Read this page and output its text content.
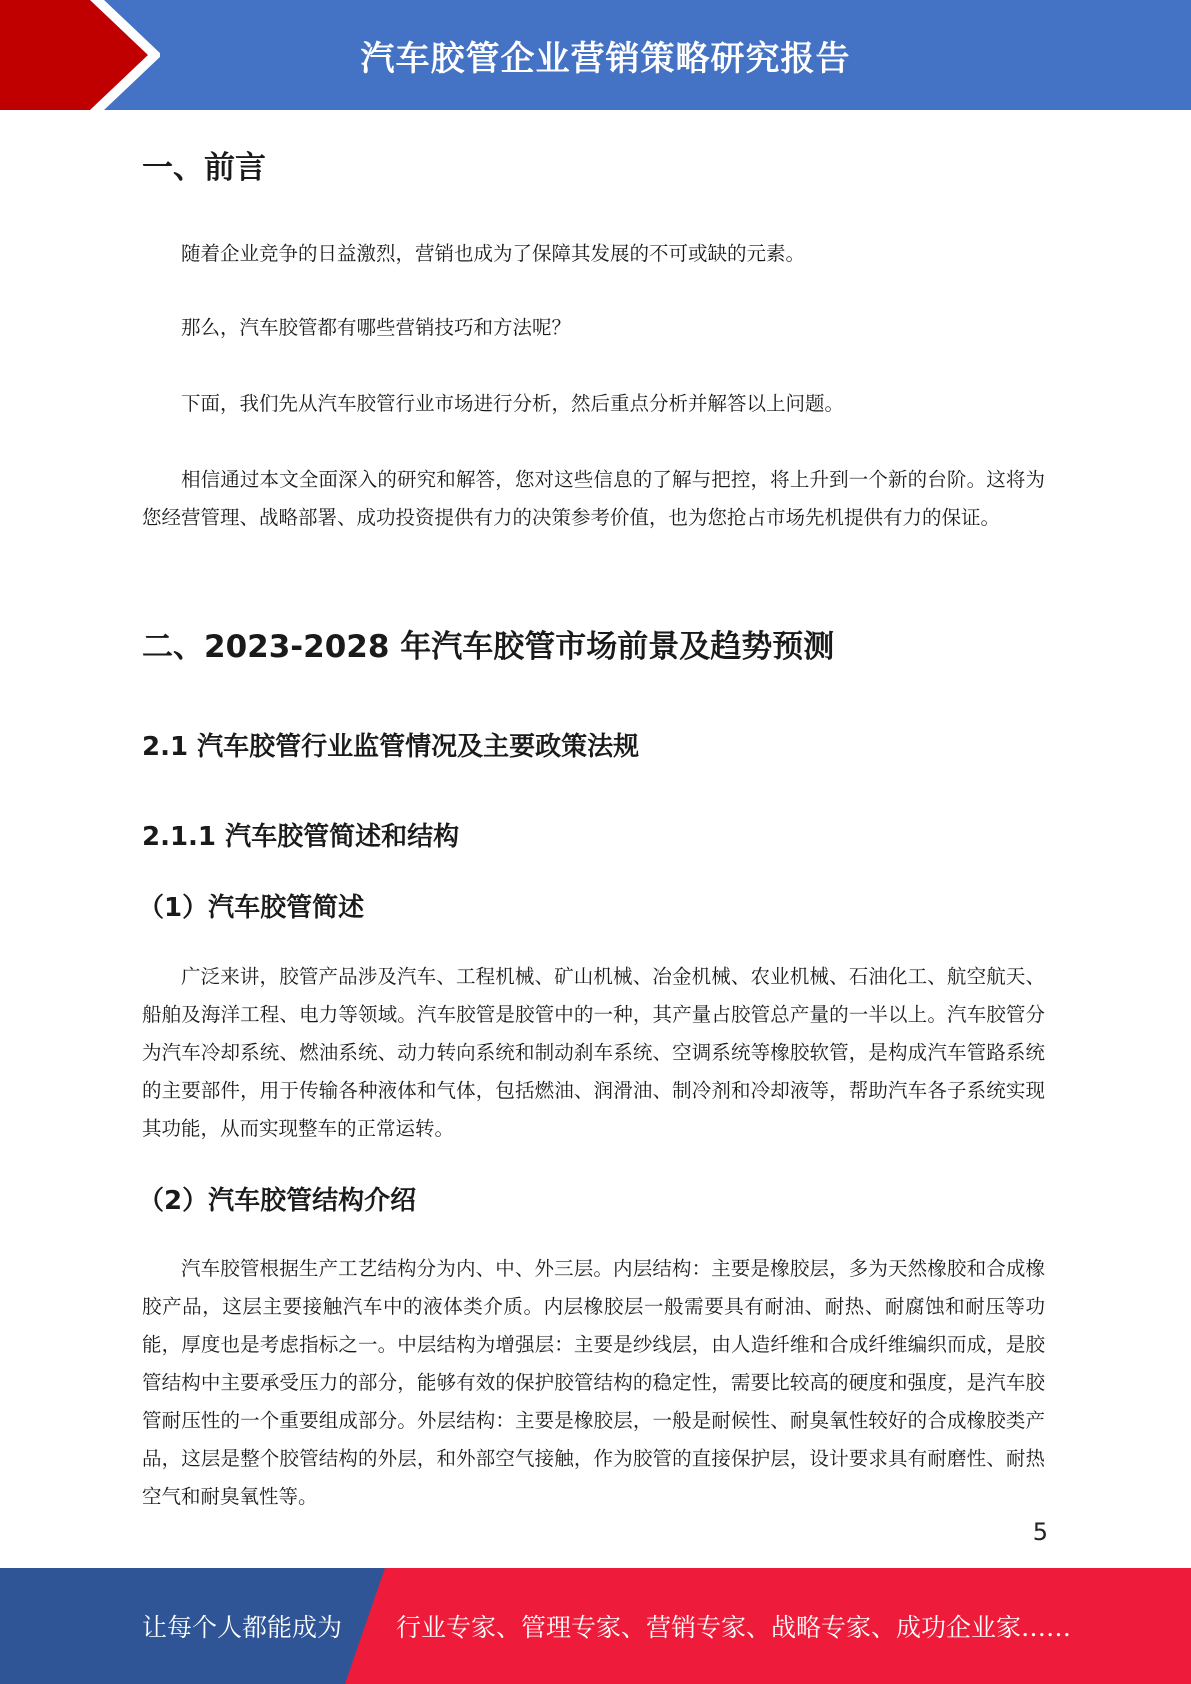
汽车胶管企业营销策略研究报告
一、前言

随着企业竞争的日益激烈，营销也成为了保障其发展的不可或缺的元素。

那么，汽车胶管都有哪些营销技巧和方法呢？

下面，我们先从汽车胶管行业市场进行分析，然后重点分析并解答以上问题。

相信通过本文全面深入的研究和解答，您对这些信息的了解与把控，将上升到一个新的台阶。这将为您经营管理、战略部署、成功投资提供有力的决策参考价值，也为您抢占市场先机提供有力的保证。

二、2023-2028 年汽车胶管市场前景及趋势预测
2.1 汽车胶管行业监管情况及主要政策法规
2.1.1 汽车胶管简述和结构
（1）汽车胶管简述

广泛来讲，胶管产品涉及汽车、工程机械、矿山机械、冶金机械、农业机械、石油化工、航空航天、船舶及海洋工程、电力等领域。汽车胶管是胶管中的一种，其产量占胶管总产量的一半以上。汽车胶管分为汽车冷却系统、燃油系统、动力转向系统和制动刹车系统、空调系统等橡胶软管，是构成汽车管路系统的主要部件，用于传输各种液体和气体，包括燃油、润滑油、制冷剂和冷却液等，帮助汽车各子系统实现其功能，从而实现整车的正常运转。

（2）汽车胶管结构介绍

汽车胶管根据生产工艺结构分为内、中、外三层。内层结构：主要是橡胶层，多为天然橡胶和合成橡胶产品，这层主要接触汽车中的液体类介质。内层橡胶层一般需要具有耐油、耐热、耐腐蚀和耐压等功能，厚度也是考虑指标之一。中层结构为增强层：主要是纱线层，由人造纤维和合成纤维编织而成，是胶管结构中主要承受压力的部分，能够有效的保护胶管结构的稳定性，需要比较高的硬度和强度，是汽车胶管耐压性的一个重要组成部分。外层结构：主要是橡胶层，一般是耐候性、耐臭氧性较好的合成橡胶类产品，这层是整个胶管结构的外层，和外部空气接触，作为胶管的直接保护层，设计要求具有耐磨性、耐热空气和耐臭氧性等。

5
让每个人都能成为 行业专家、管理专家、营销专家、战略专家、成功企业家……
